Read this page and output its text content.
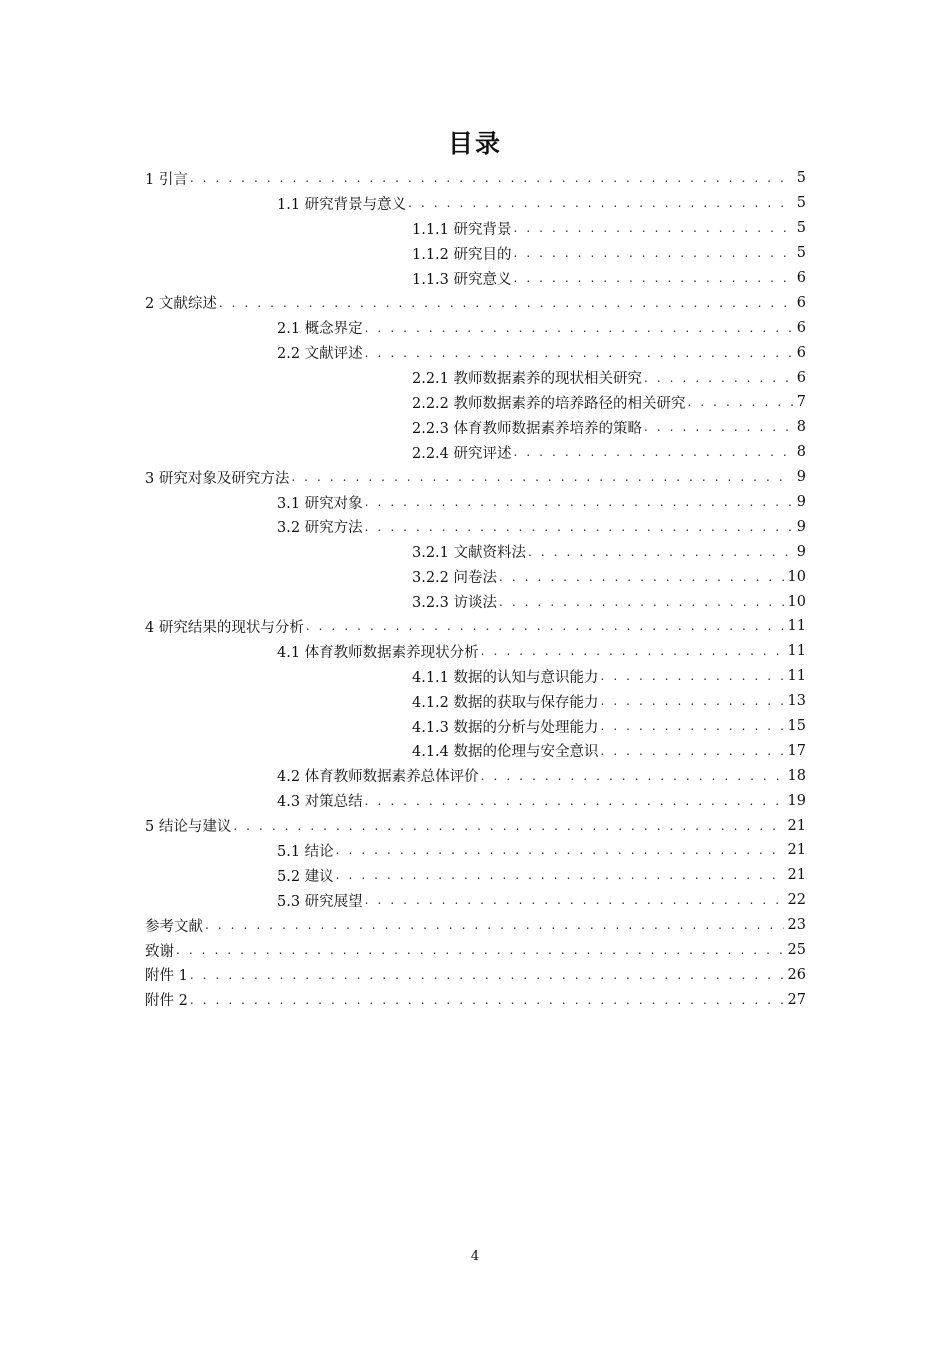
目录
1 引言 . . .	5
1.1 研究背景与意义 . . .	5
1.1.1 研究背景 . . .	5
1.1.2 研究目的 . . .	5
1.1.3 研究意义 . . .	6
2 文献综述 . . .	6
2.1 概念界定 . . .	6
2.2 文献评述 . . .	6
2.2.1 教师数据素养的现状相关研究 . . .	6
2.2.2 教师数据素养的培养路径的相关研究 . . .	7
2.2.3 体育教师数据素养培养的策略 . . .	8
2.2.4 研究评述 . . .	8
3 研究对象及研究方法 . . .	9
3.1 研究对象 . . .	9
3.2 研究方法 . . .	9
3.2.1 文献资料法 . . .	9
3.2.2 问卷法 . . .	10
3.2.3 访谈法 . . .	10
4 研究结果的现状与分析 . . .	11
4.1 体育教师数据素养现状分析 . . .	11
4.1.1 数据的认知与意识能力 . . .	11
4.1.2 数据的获取与保存能力 . . .	13
4.1.3 数据的分析与处理能力 . . .	15
4.1.4 数据的伦理与安全意识 . . .	17
4.2 体育教师数据素养总体评价 . . .	18
4.3 对策总结 . . .	19
5 结论与建议 . . .	21
5.1 结论 . . .	21
5.2 建议 . . .	21
5.3 研究展望 . . .	22
参考文献 . . .	23
致谢 . . .	25
附件 1 . . .	26
附件 2 . . .	27
4
